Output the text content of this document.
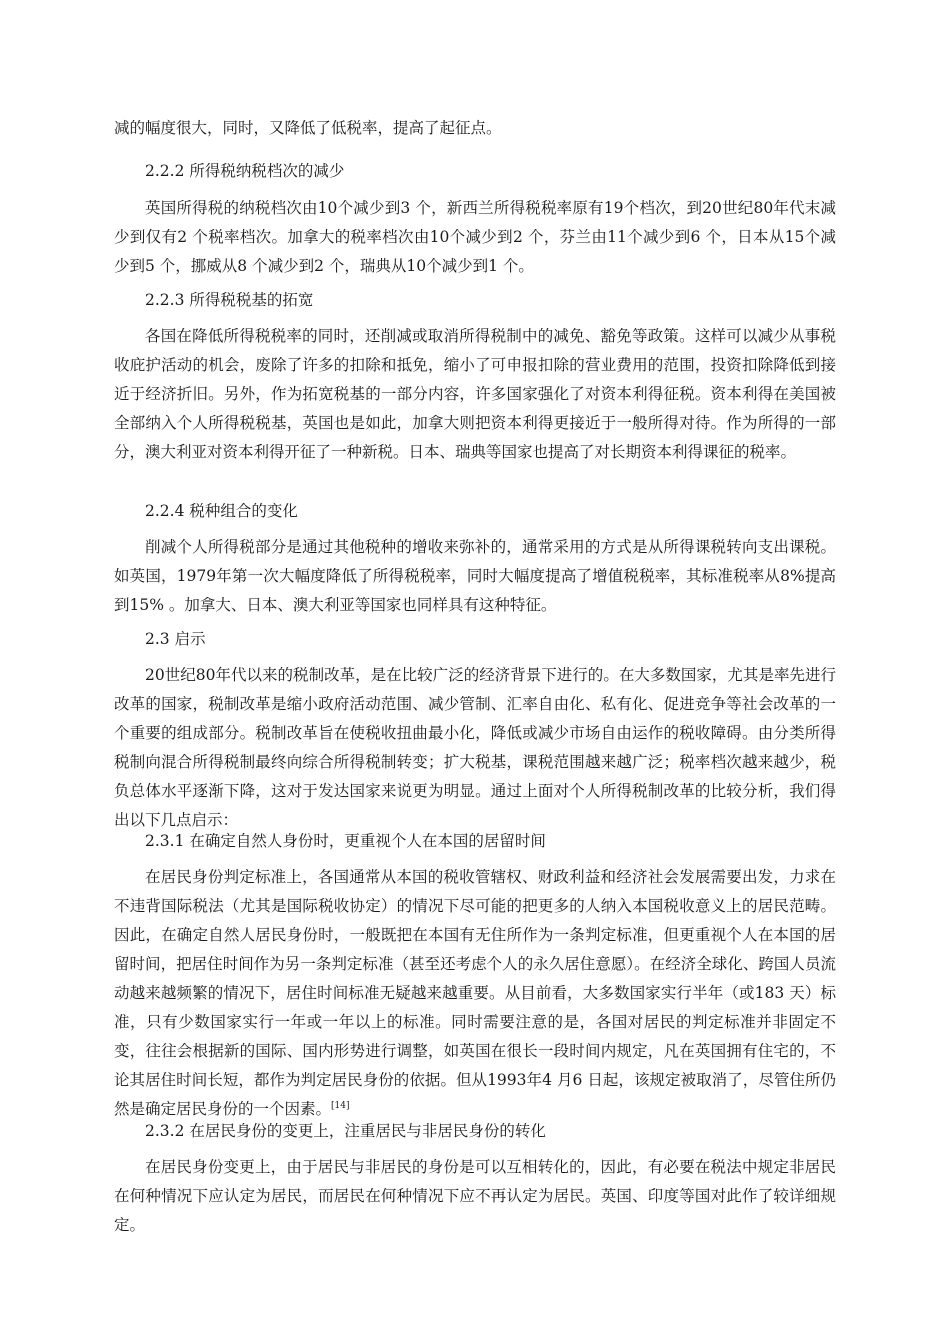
减的幅度很大，同时，又降低了低税率，提高了起征点。

2.2.2 所得税纳税档次的减少

英国所得税的纳税档次由10个减少到3 个，新西兰所得税税率原有19个档次，到20世纪80年代末减少到仅有2 个税率档次。加拿大的税率档次由10个减少到2 个，芬兰由11个减少到6 个，日本从15个减少到5 个，挪威从8 个减少到2 个，瑞典从10个减少到1 个。

2.2.3 所得税税基的拓宽

各国在降低所得税税率的同时，还削减或取消所得税制中的减免、豁免等政策。这样可以减少从事税收庇护活动的机会，废除了许多的扣除和抵免，缩小了可申报扣除的营业费用的范围，投资扣除降低到接近于经济折旧。另外，作为拓宽税基的一部分内容，许多国家强化了对资本利得征税。资本利得在美国被全部纳入个人所得税税基，英国也是如此，加拿大则把资本利得更接近于一般所得对待。作为所得的一部分，澳大利亚对资本利得开征了一种新税。日本、瑞典等国家也提高了对长期资本利得课征的税率。

2.2.4 税种组合的变化

削减个人所得税部分是通过其他税种的增收来弥补的，通常采用的方式是从所得课税转向支出课税。如英国，1979年第一次大幅度降低了所得税税率，同时大幅度提高了增值税税率，其标准税率从8%提高到15% 。加拿大、日本、澳大利亚等国家也同样具有这种特征。

2.3 启示

20世纪80年代以来的税制改革，是在比较广泛的经济背景下进行的。在大多数国家，尤其是率先进行改革的国家，税制改革是缩小政府活动范围、减少管制、汇率自由化、私有化、促进竞争等社会改革的一个重要的组成部分。税制改革旨在使税收扭曲最小化，降低或减少市场自由运作的税收障碍。由分类所得税制向混合所得税制最终向综合所得税制转变；扩大税基，课税范围越来越广泛；税率档次越来越少，税负总体水平逐渐下降，这对于发达国家来说更为明显。通过上面对个人所得税制改革的比较分析，我们得出以下几点启示：

2.3.1 在确定自然人身份时，更重视个人在本国的居留时间

在居民身份判定标准上，各国通常从本国的税收管辖权、财政利益和经济社会发展需要出发，力求在不违背国际税法（尤其是国际税收协定）的情况下尽可能的把更多的人纳入本国税收意义上的居民范畴。因此，在确定自然人居民身份时，一般既把在本国有无住所作为一条判定标准，但更重视个人在本国的居留时间，把居住时间作为另一条判定标准（甚至还考虑个人的永久居住意愿）。在经济全球化、跨国人员流动越来越频繁的情况下，居住时间标准无疑越来越重要。从目前看，大多数国家实行半年（或183 天）标准，只有少数国家实行一年或一年以上的标准。同时需要注意的是，各国对居民的判定标准并非固定不变，往往会根据新的国际、国内形势进行调整，如英国在很长一段时间内规定，凡在英国拥有住宅的，不论其居住时间长短，都作为判定居民身份的依据。但从1993年4 月6 日起，该规定被取消了，尽管住所仍然是确定居民身份的一个因素。[14]

2.3.2 在居民身份的变更上，注重居民与非居民身份的转化

在居民身份变更上，由于居民与非居民的身份是可以互相转化的，因此，有必要在税法中规定非居民在何种情况下应认定为居民，而居民在何种情况下应不再认定为居民。英国、印度等国对此作了较详细规定。
